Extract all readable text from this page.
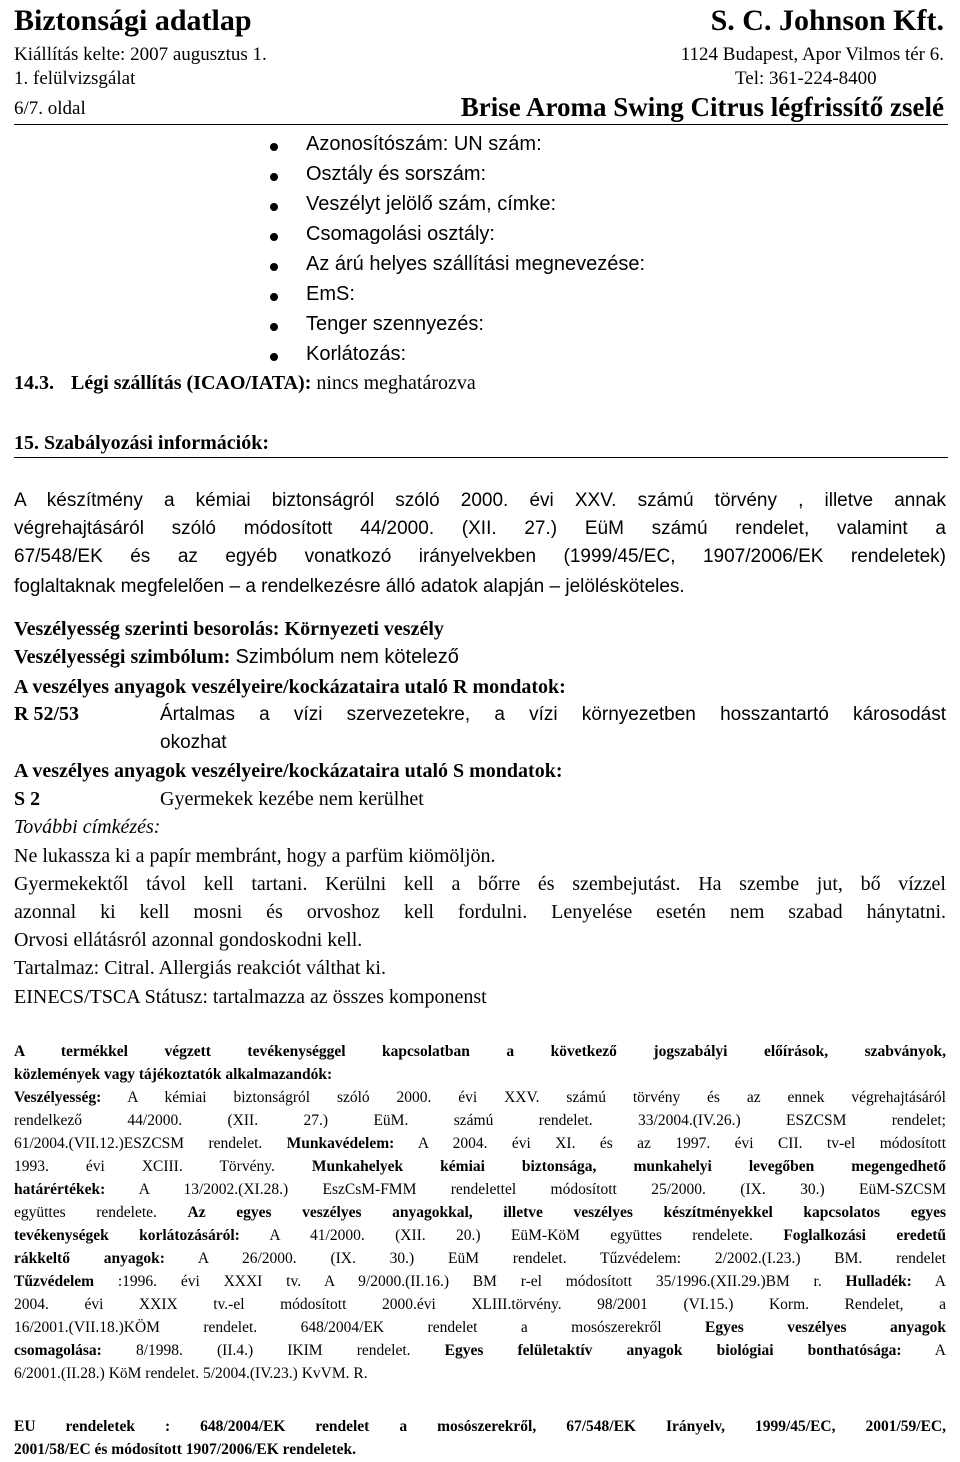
Biztonsági adatlap	S. C. Johnson Kft.
Kiállítás kelte: 2007 augusztus 1.	1124 Budapest, Apor Vilmos tér 6.
1. felülvizsgálat	Tel: 361-224-8400
6/7. oldal	Brise Aroma Swing Citrus légfrissítő zselé
Azonosítószám: UN szám:
Osztály és sorszám:
Veszélyt jelölő szám, címke:
Csomagolási osztály:
Az árú helyes szállítási megnevezése:
EmS:
Tenger szennyezés:
Korlátozás:
14.3. Légi szállítás (ICAO/IATA): nincs meghatározva
15. Szabályozási információk:
A készítmény a kémiai biztonságról szóló 2000. évi XXV. számú törvény , illetve annak
végrehajtásáról szóló módosított 44/2000. (XII. 27.) EüM számú rendelet, valamint a
67/548/EK és az egyéb vonatkozó irányelvekben (1999/45/EC, 1907/2006/EK rendeletek)
foglaltaknak megfelelően – a rendelkezésre álló adatok alapján – jelölésköteles.
Veszélyesség szerinti besorolás: Környezeti veszély
Veszélyességi szimbólum: Szimbólum nem kötelező
A veszélyes anyagok veszélyeire/kockázataira utaló R mondatok:
R 52/53	Ártalmas a vízi szervezetekre, a vízi környezetben hosszantartó károsodást
okozhat
A veszélyes anyagok veszélyeire/kockázataira utaló S mondatok:
S 2	Gyermekek kezébe nem kerülhet
További címkézés:
Ne lukassza ki a papír membránt, hogy a parfüm kiömöljön.
Gyermekektől távol kell tartani. Kerülni kell a bőrre és szembejutást. Ha szembe jut, bő vízzel
azonnal ki kell mosni és orvoshoz kell fordulni. Lenyelése esetén nem szabad hánytatni.
Orvosi ellátásról azonnal gondoskodni kell.
Tartalmaz: Citral. Allergiás reakciót válthat ki.
EINECS/TSCA Státusz: tartalmazza az összes komponenst
A termékkel végzett tevékenységgel kapcsolatban a következő jogszabályi előírások, szabványok,
közlemények vagy tájékoztatók alkalmazandók:
Veszélyesség: A kémiai biztonságról szóló 2000. évi XXV. számú törvény és az ennek végrehajtásáról
rendelkező 44/2000. (XII. 27.) EüM. számú rendelet. 33/2004.(IV.26.) ESZCSM rendelet;
61/2004.(VII.12.)ESZCSM rendelet. Munkavédelem: A 2004. évi XI. és az 1997. évi CII. tv-el módosított
1993. évi XCIII. Törvény. Munkahelyek kémiai biztonsága, munkahelyi levegőben megengedhető
határértékek: A 13/2002.(XI.28.) EszCsM-FMM rendelettel módosított 25/2000. (IX. 30.) EüM-SZCSM
együttes rendelete. Az egyes veszélyes anyagokkal, illetve veszélyes készítményekkel kapcsolatos egyes
tevékenységek korlátozásáról: A 41/2000. (XII. 20.) EüM-KöM együttes rendelete. Foglalkozási eredetű
rákkeltő anyagok: A 26/2000. (IX. 30.) EüM rendelet. Tűzvédelem: 2/2002.(I.23.) BM. rendelet
Tűzvédelem :1996. évi XXXI tv. A 9/2000.(II.16.) BM r-el módosított 35/1996.(XII.29.)BM r. Hulladék: A
2004. évi XXIX tv.-el módosított 2000.évi XLIII.törvény. 98/2001 (VI.15.) Korm. Rendelet, a
16/2001.(VII.18.)KÖM rendelet. 648/2004/EK rendelet a mosószerekről Egyes veszélyes anyagok
csomagolása: 8/1998. (II.4.) IKIM rendelet. Egyes felületaktív anyagok biológiai bonthatósága: A
6/2001.(II.28.) KöM rendelet. 5/2004.(IV.23.) KvVM. R.
EU rendeletek : 648/2004/EK rendelet a mosószerekről, 67/548/EK Irányelv, 1999/45/EC, 2001/59/EC,
2001/58/EC és módosított 1907/2006/EK rendeletek.
